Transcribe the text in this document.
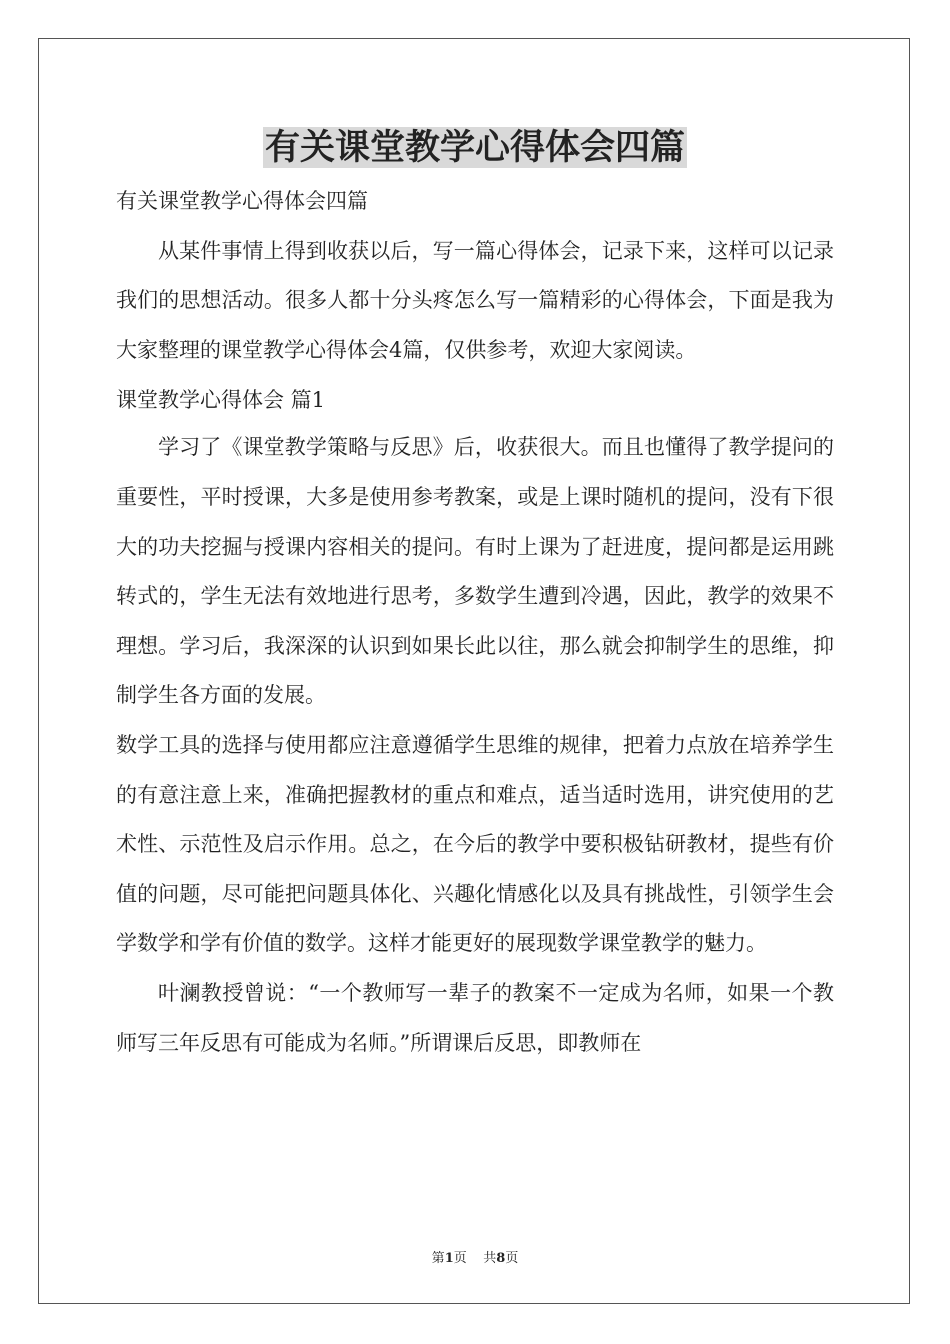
有关课堂教学心得体会四篇

有关课堂教学心得体会四篇

从某件事情上得到收获以后，写一篇心得体会，记录下来，这样可以记录我们的思想活动。很多人都十分头疼怎么写一篇精彩的心得体会，下面是我为大家整理的课堂教学心得体会4篇，仅供参考，欢迎大家阅读。

课堂教学心得体会 篇1

学习了《课堂教学策略与反思》后，收获很大。而且也懂得了教学提问的重要性，平时授课，大多是使用参考教案，或是上课时随机的提问，没有下很大的功夫挖掘与授课内容相关的提问。有时上课为了赶进度，提问都是运用跳转式的，学生无法有效地进行思考，多数学生遭到冷遇，因此，教学的效果不理想。学习后，我深深的认识到如果长此以往，那么就会抑制学生的思维，抑制学生各方面的发展。

数学工具的选择与使用都应注意遵循学生思维的规律，把着力点放在培养学生的有意注意上来，准确把握教材的重点和难点，适当适时选用，讲究使用的艺术性、示范性及启示作用。总之，在今后的教学中要积极钻研教材，提些有价值的问题，尽可能把问题具体化、兴趣化情感化以及具有挑战性，引领学生会学数学和学有价值的数学。这样才能更好的展现数学课堂教学的魅力。

叶澜教授曾说：“一个教师写一辈子的教案不一定成为名师，如果一个教师写三年反思有可能成为名师。”所谓课后反思，即教师在

第1页    共8页
